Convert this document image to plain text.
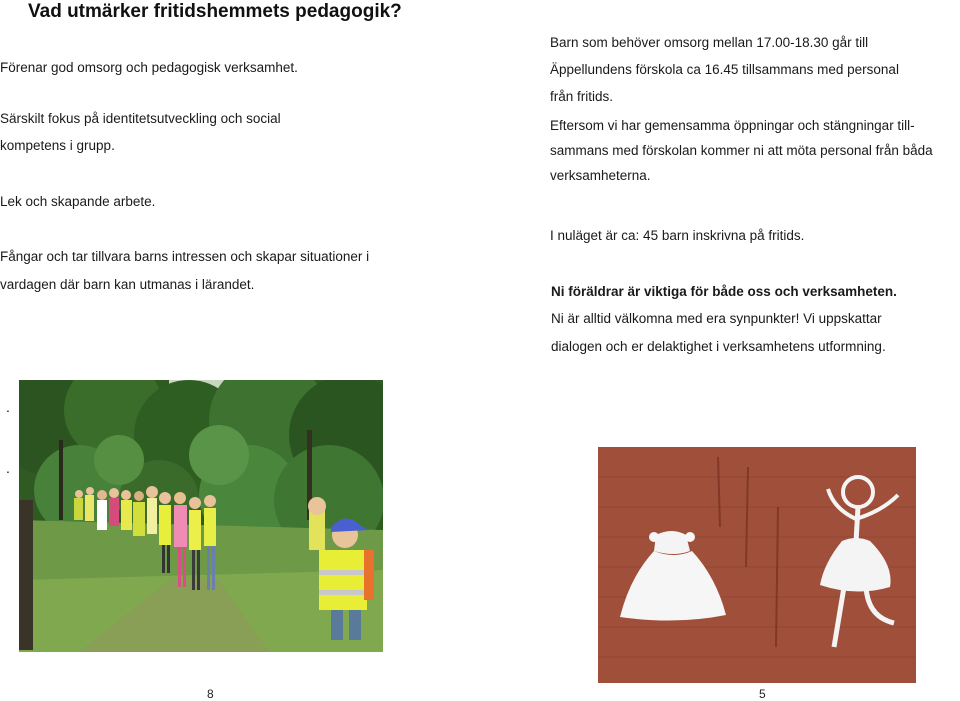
Vad utmärker fritidshemmets pedagogik?
Förenar god omsorg och pedagogisk verksamhet.
Särskilt fokus på identitetsutveckling och social
kompetens i grupp.
Lek och skapande arbete.
Fångar och tar tillvara barns intressen och skapar situationer i
vardagen där barn kan utmanas i lärandet.
.
.
Barn som behöver omsorg mellan 17.00-18.30 går till
Äppellundens förskola ca 16.45 tillsammans med personal
från fritids.
Eftersom vi har gemensamma öppningar och stängningar till-
sammans med förskolan kommer ni att möta personal från båda
verksamheterna.
I nuläget är ca: 45 barn inskrivna på fritids.
Ni föräldrar är viktiga för både oss och verksamheten.
Ni är alltid välkomna med era synpunkter! Vi uppskattar
dialogen och er delaktighet i verksamhetens utformning.
8	5
